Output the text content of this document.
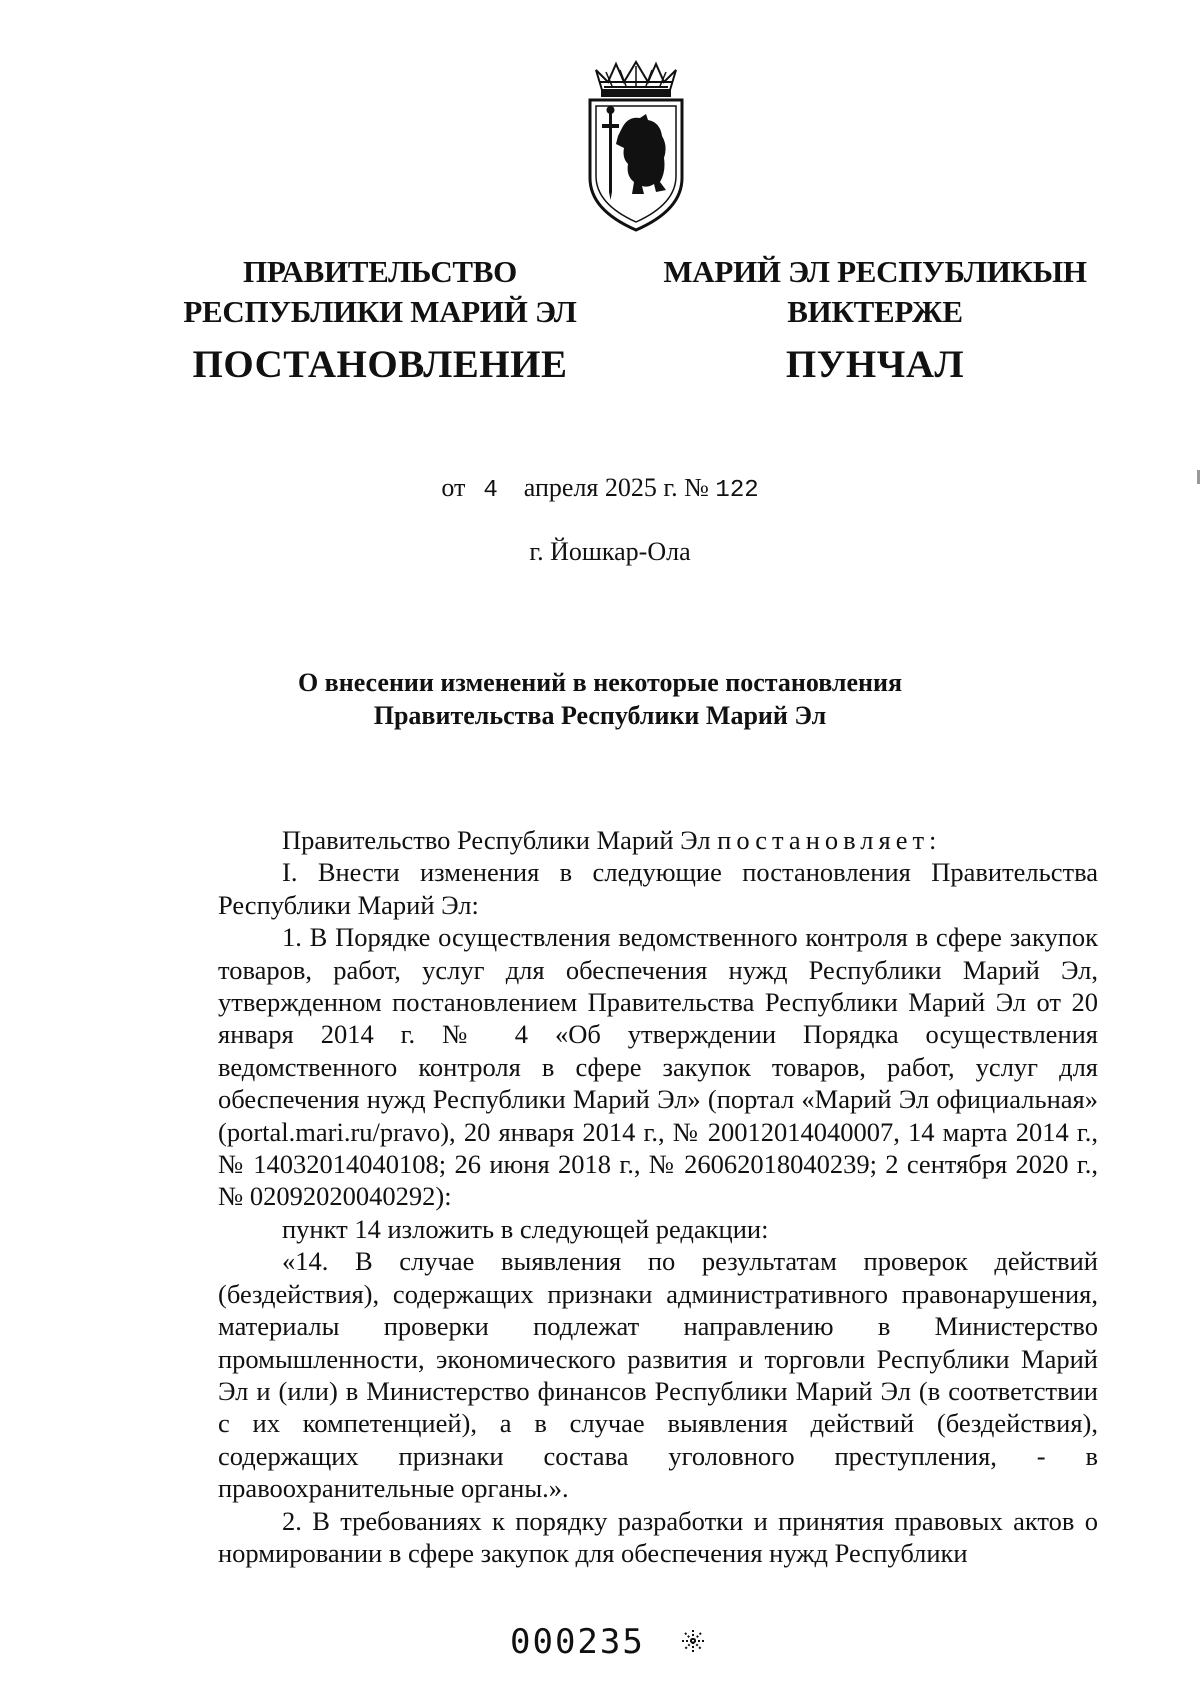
ПРАВИТЕЛЬСТВО
РЕСПУБЛИКИ МАРИЙ ЭЛ
ПОСТАНОВЛЕНИЕ
МАРИЙ ЭЛ РЕСПУБЛИКЫН
ВИКТЕРЖЕ
ПУНЧАЛ
от 4 апреля 2025 г. № 122
г. Йошкар-Ола
О внесении изменений в некоторые постановления
Правительства Республики Марий Эл

Правительство Республики Марий Эл постановляет:

I. Внести изменения в следующие постановления Правительства Республики Марий Эл:

1. В Порядке осуществления ведомственного контроля в сфере закупок товаров, работ, услуг для обеспечения нужд Республики Марий Эл, утвержденном постановлением Правительства Республики Марий Эл от 20 января 2014 г. № 4 «Об утверждении Порядка осуществления ведомственного контроля в сфере закупок товаров, работ, услуг для обеспечения нужд Республики Марий Эл» (портал «Марий Эл официальная» (portal.mari.ru/pravo), 20 января 2014 г., № 20012014040007, 14 марта 2014 г., № 14032014040108; 26 июня 2018 г., № 26062018040239; 2 сентября 2020 г., № 02092020040292):

пункт 14 изложить в следующей редакции:

«14. В случае выявления по результатам проверок действий (бездействия), содержащих признаки административного правонарушения, материалы проверки подлежат направлению в Министерство промышленности, экономического развития и торговли Республики Марий Эл и (или) в Министерство финансов Республики Марий Эл (в соответствии с их компетенцией), а в случае выявления действий (бездействия), содержащих признаки состава уголовного преступления, - в правоохранительные органы.».

2. В требованиях к порядку разработки и принятия правовых актов о нормировании в сфере закупок для обеспечения нужд Республики

000235
